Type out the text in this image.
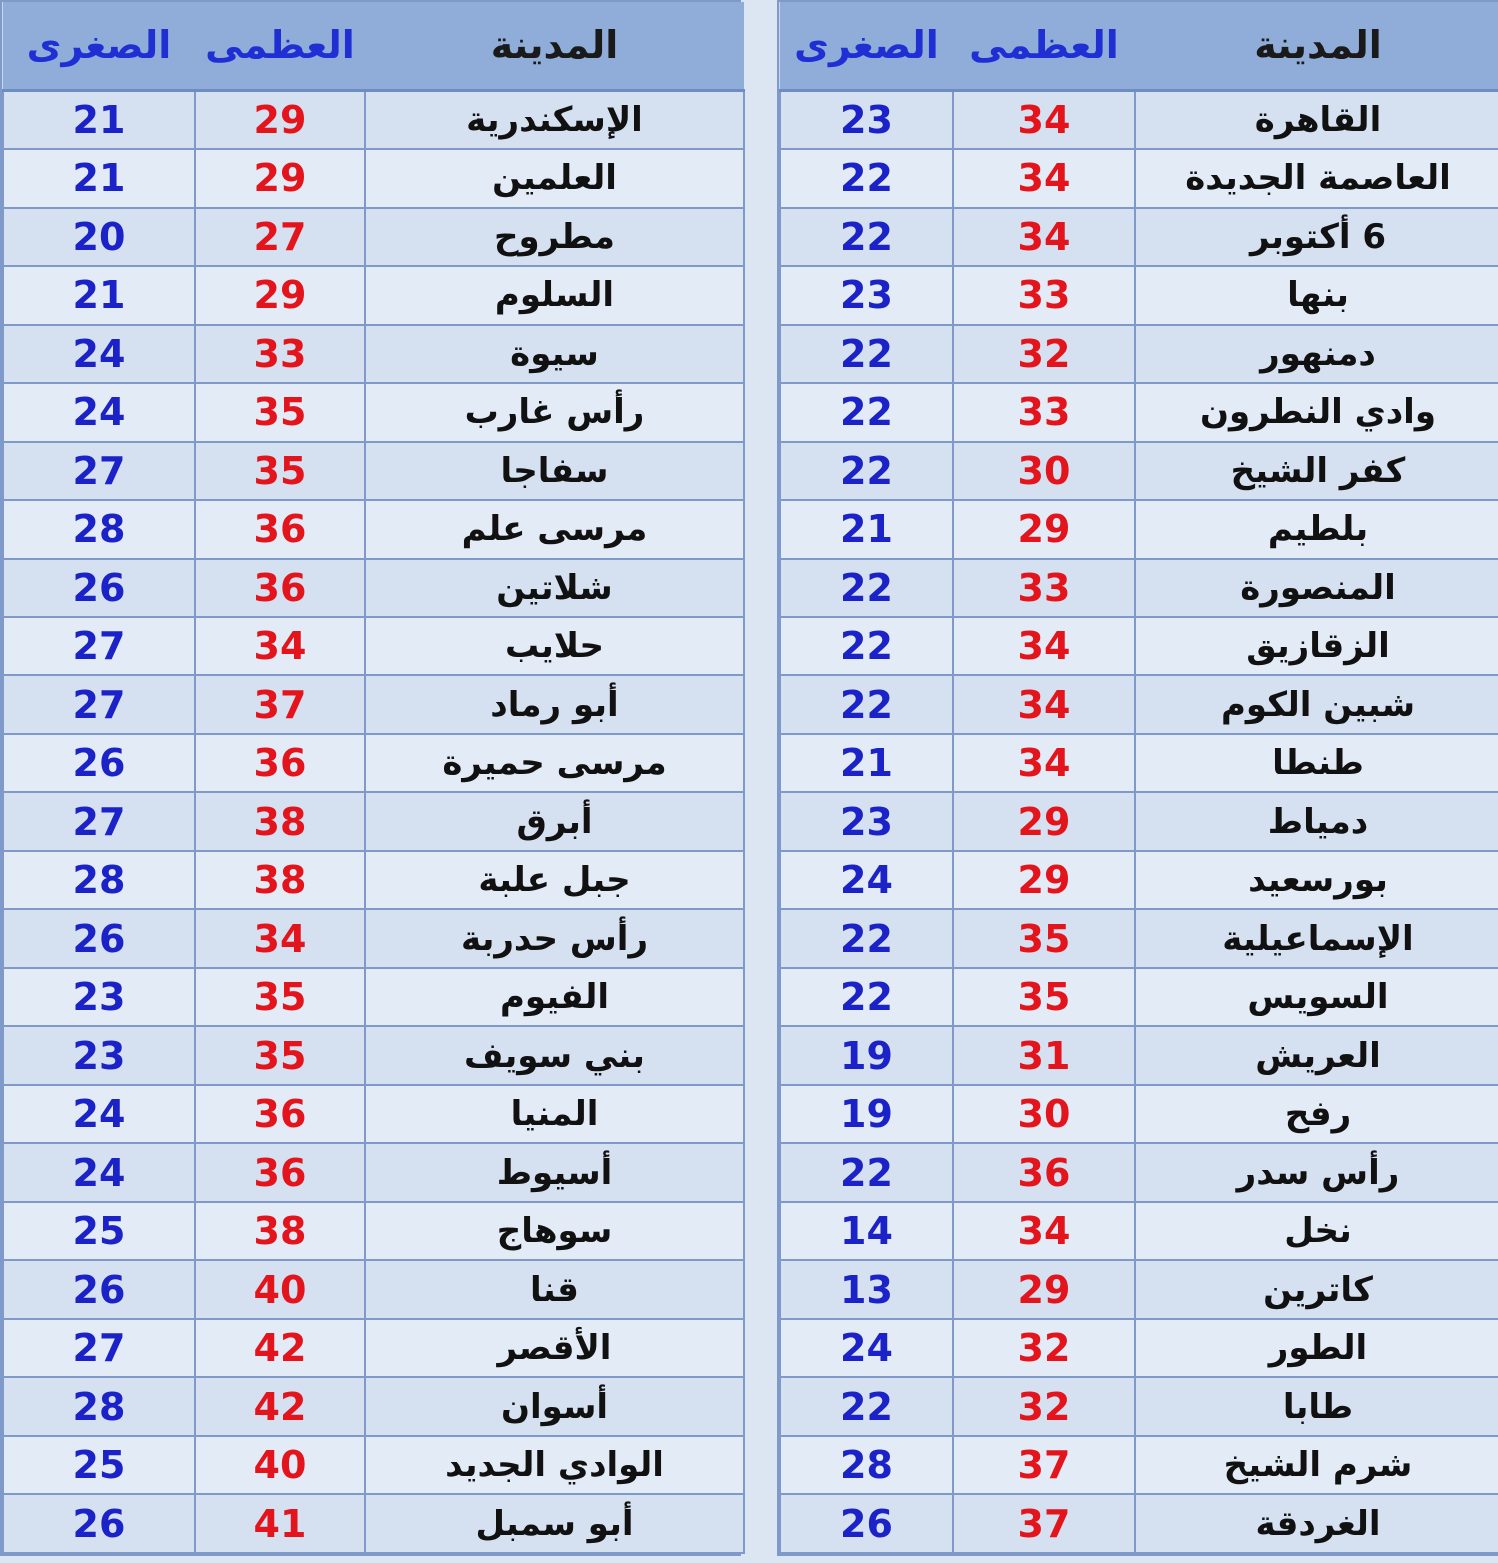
الصغرى	العظمى	المدينة
21	29	الإسكندرية
21	29	العلمين
20	27	مطروح
21	29	السلوم
24	33	سيوة
24	35	رأس غارب
27	35	سفاجا
28	36	مرسى علم
26	36	شلاتين
27	34	حلايب
27	37	أبو رماد
26	36	مرسى حميرة
27	38	أبرق
28	38	جبل علبة
26	34	رأس حدربة
23	35	الفيوم
23	35	بني سويف
24	36	المنيا
24	36	أسيوط
25	38	سوهاج
26	40	قنا
27	42	الأقصر
28	42	أسوان
25	40	الوادي الجديد
26	41	أبو سمبل
الصغرى	العظمى	المدينة
23	34	القاهرة
22	34	العاصمة الجديدة
22	34	6 أكتوبر
23	33	بنها
22	32	دمنهور
22	33	وادي النطرون
22	30	كفر الشيخ
21	29	بلطيم
22	33	المنصورة
22	34	الزقازيق
22	34	شبين الكوم
21	34	طنطا
23	29	دمياط
24	29	بورسعيد
22	35	الإسماعيلية
22	35	السويس
19	31	العريش
19	30	رفح
22	36	رأس سدر
14	34	نخل
13	29	كاترين
24	32	الطور
22	32	طابا
28	37	شرم الشيخ
26	37	الغردقة
